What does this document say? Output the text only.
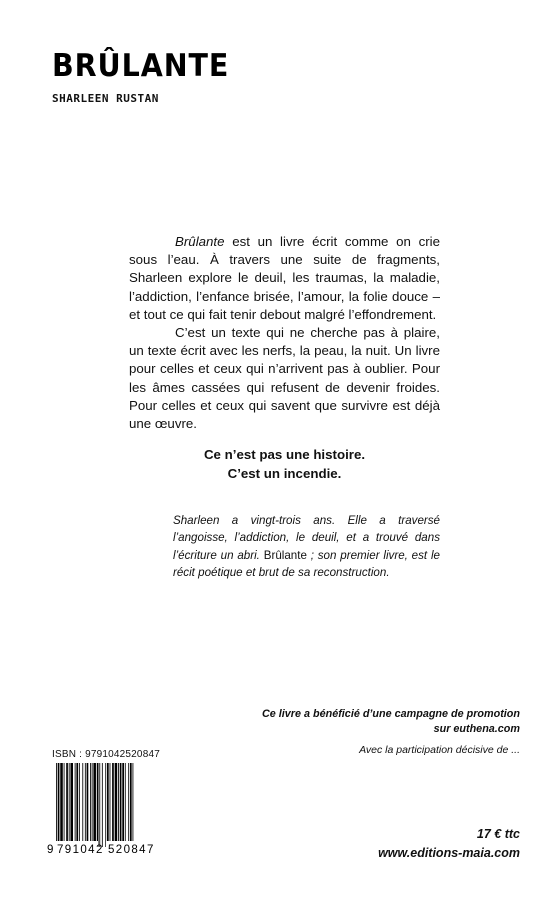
BRÛLANTE
SHARLEEN RUSTAN

Brûlante est un livre écrit comme on crie sous l’eau. À travers une suite de fragments, Sharleen explore le deuil, les traumas, la maladie, l’addiction, l’enfance brisée, l’amour, la folie douce – et tout ce qui fait tenir debout malgré l’effondrement.

C’est un texte qui ne cherche pas à plaire, un texte écrit avec les nerfs, la peau, la nuit. Un livre pour celles et ceux qui n’arrivent pas à oublier. Pour les âmes cassées qui refusent de devenir froides. Pour celles et ceux qui savent que survivre est déjà une œuvre.

Ce n’est pas une histoire.
C’est un incendie.
Sharleen a vingt-trois ans. Elle a traversé l’angoisse, l’addiction, le deuil, et a trouvé dans l’écriture un abri. Brûlante ; son premier livre, est le récit poétique et brut de sa reconstruction.
Ce livre a bénéficié d’une campagne de promotion
sur euthena.com
Avec la participation décisive de ...
ISBN : 9791042520847
9 791042 520847
17 € ttc
www.editions-maia.com
